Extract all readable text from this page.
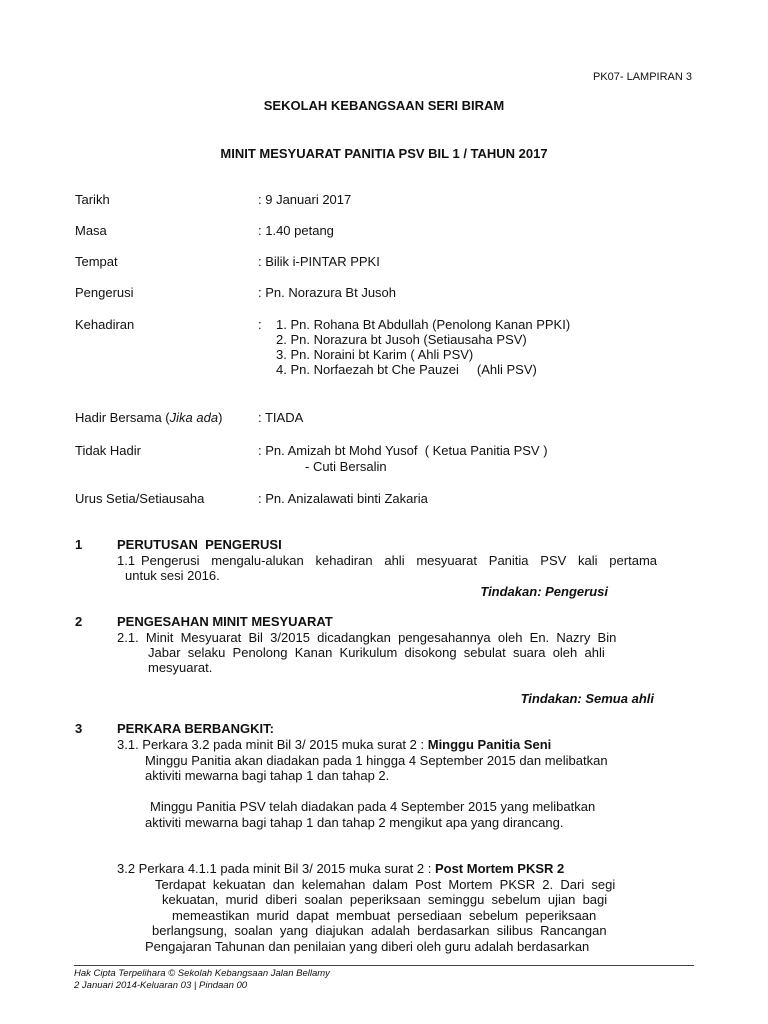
PK07- LAMPIRAN 3
SEKOLAH KEBANGSAAN SERI BIRAM
MINIT MESYUARAT PANITIA PSV BIL 1 / TAHUN 2017
Tarikh	: 9 Januari 2017
Masa	: 1.40 petang
Tempat	: Bilik i-PINTAR PPKI
Pengerusi	: Pn. Norazura Bt Jusoh
Kehadiran	: 1. Pn. Rohana Bt Abdullah (Penolong Kanan PPKI)
2. Pn. Norazura bt Jusoh (Setiausaha PSV)
3. Pn. Noraini bt Karim ( Ahli PSV)
4. Pn. Norfaezah bt Che Pauzei     (Ahli PSV)
Hadir Bersama (Jika ada)	: TIADA
Tidak Hadir	: Pn. Amizah bt Mohd Yusof  ( Ketua Panitia PSV )
- Cuti Bersalin
Urus Setia/Setiausaha	: Pn. Anizalawati binti Zakaria
1	PERUTUSAN  PENGERUSI
1.1 Pengerusi  mengalu-alukan  kehadiran  ahli  mesyuarat  Panitia  PSV  kali  pertama
untuk sesi 2016.
Tindakan: Pengerusi
2	PENGESAHAN MINIT MESYUARAT
2.1.  Minit  Mesyuarat  Bil  3/2015  dicadangkan  pengesahannya  oleh  En.  Nazry  Bin
Jabar  selaku  Penolong  Kanan  Kurikulum  disokong  sebulat  suara  oleh  ahli
mesyuarat.
Tindakan: Semua ahli
3	PERKARA BERBANGKIT:
3.1. Perkara 3.2 pada minit Bil 3/ 2015 muka surat 2 : Minggu Panitia Seni
Minggu Panitia akan diadakan pada 1 hingga 4 September 2015 dan melibatkan
aktiviti mewarna bagi tahap 1 dan tahap 2.
Minggu Panitia PSV telah diadakan pada 4 September 2015 yang melibatkan
aktiviti mewarna bagi tahap 1 dan tahap 2 mengikut apa yang dirancang.
3.2 Perkara 4.1.1 pada minit Bil 3/ 2015 muka surat 2 : Post Mortem PKSR 2
Terdapat  kekuatan  dan  kelemahan  dalam  Post  Mortem  PKSR  2.  Dari  segi
kekuatan,  murid  diberi  soalan  peperiksaan  seminggu  sebelum  ujian  bagi
memeastikan  murid  dapat  membuat  persediaan  sebelum  peperiksaan
berlangsung,  soalan  yang  diajukan  adalah  berdasarkan  silibus  Rancangan
Pengajaran Tahunan dan penilaian yang diberi oleh guru adalah berdasarkan
Hak Cipta Terpelihara © Sekolah Kebangsaan Jalan Bellamy
2 Januari 2014-Keluaran 03 | Pindaan 00
